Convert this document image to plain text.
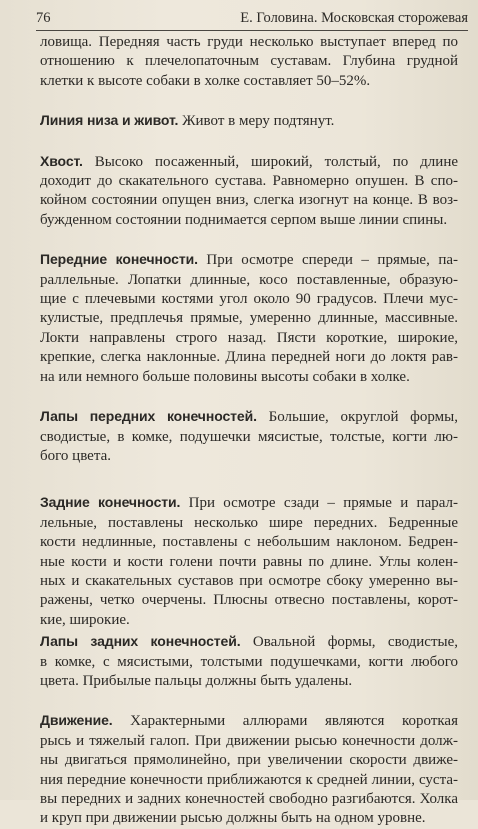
76	Е. Головина. Московская сторожевая

ловища. Передняя часть груди несколько выступает вперед по
отношению к плечелопаточным суставам. Глубина грудной
клетки к высоте собаки в холке составляет 50–52%.

Линия низа и живот. Живот в меру подтянут.

Хвост. Высоко посаженный, широкий, толстый, по длине
доходит до скакательного сустава. Равномерно опушен. В спо-
койном состоянии опущен вниз, слегка изогнут на конце. В воз-
бужденном состоянии поднимается серпом выше линии спины.

Передние конечности. При осмотре спереди – прямые, па-
раллельные. Лопатки длинные, косо поставленные, образую-
щие с плечевыми костями угол около 90 градусов. Плечи мус-
кулистые, предплечья прямые, умеренно длинные, массивные.
Локти направлены строго назад. Пясти короткие, широкие,
крепкие, слегка наклонные. Длина передней ноги до локтя рав-
на или немного больше половины высоты собаки в холке.

Лапы передних конечностей. Большие, округлой формы,
сводистые, в комке, подушечки мясистые, толстые, когти лю-
бого цвета.

Задние конечности. При осмотре сзади – прямые и парал-
лельные, поставлены несколько шире передних. Бедренные
кости недлинные, поставлены с небольшим наклоном. Бедрен-
ные кости и кости голени почти равны по длине. Углы колен-
ных и скакательных суставов при осмотре сбоку умеренно вы-
ражены, четко очерчены. Плюсны отвесно поставлены, корот-
кие, широкие.

Лапы задних конечностей. Овальной формы, сводистые,
в комке, с мясистыми, толстыми подушечками, когти любого
цвета. Прибылые пальцы должны быть удалены.

Движение. Характерными аллюрами являются короткая
рысь и тяжелый галоп. При движении рысью конечности долж-
ны двигаться прямолинейно, при увеличении скорости движе-
ния передние конечности приближаются к средней линии, суста-
вы передних и задних конечностей свободно разгибаются. Холка
и круп при движении рысью должны быть на одном уровне.
